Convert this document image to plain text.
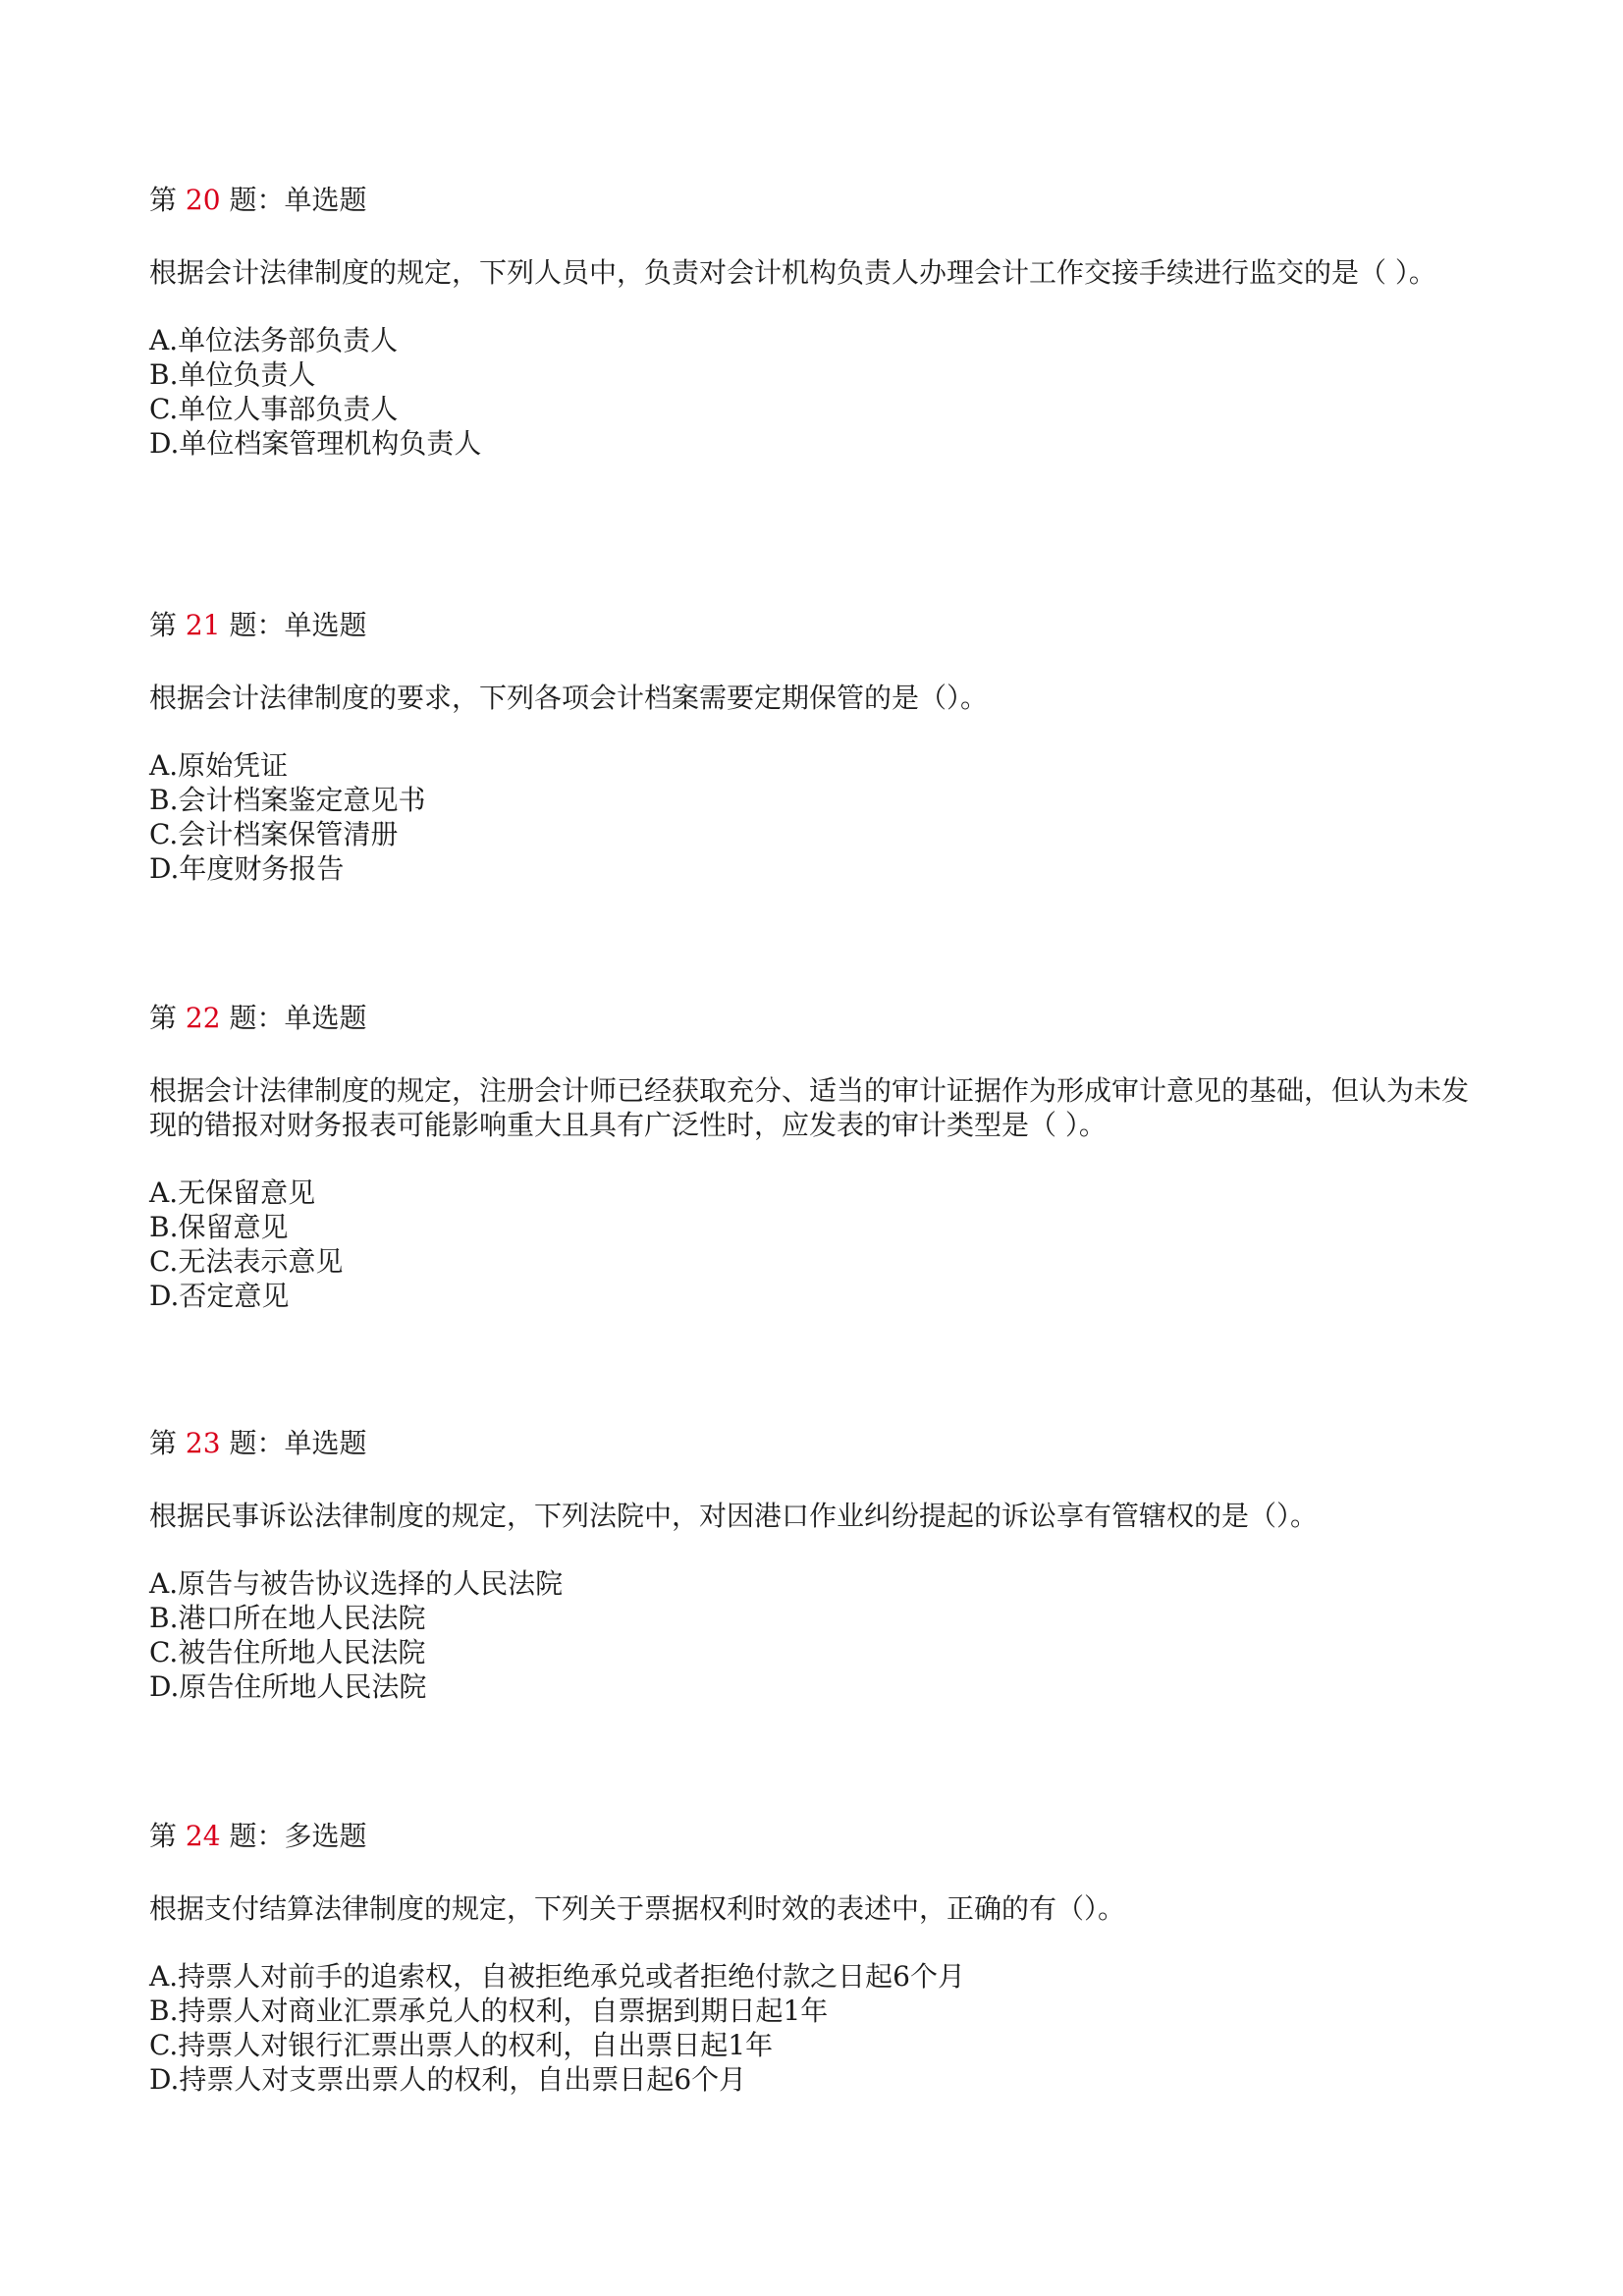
第 20 题：单选题
根据会计法律制度的规定，下列人员中，负责对会计机构负责人办理会计工作交接手续进行监交的是（ ）。
A.单位法务部负责人
B.单位负责人
C.单位人事部负责人
D.单位档案管理机构负责人
第 21 题：单选题
根据会计法律制度的要求，下列各项会计档案需要定期保管的是（）。
A.原始凭证
B.会计档案鉴定意见书
C.会计档案保管清册
D.年度财务报告
第 22 题：单选题
根据会计法律制度的规定，注册会计师已经获取充分、适当的审计证据作为形成审计意见的基础，但认为未发现的错报对财务报表可能影响重大且具有广泛性时，应发表的审计类型是（ ）。
A.无保留意见
B.保留意见
C.无法表示意见
D.否定意见
第 23 题：单选题
根据民事诉讼法律制度的规定，下列法院中，对因港口作业纠纷提起的诉讼享有管辖权的是（）。
A.原告与被告协议选择的人民法院
B.港口所在地人民法院
C.被告住所地人民法院
D.原告住所地人民法院
第 24 题：多选题
根据支付结算法律制度的规定，下列关于票据权利时效的表述中，正确的有（）。
A.持票人对前手的追索权，自被拒绝承兑或者拒绝付款之日起6个月
B.持票人对商业汇票承兑人的权利，自票据到期日起1年
C.持票人对银行汇票出票人的权利，自出票日起1年
D.持票人对支票出票人的权利，自出票日起6个月
